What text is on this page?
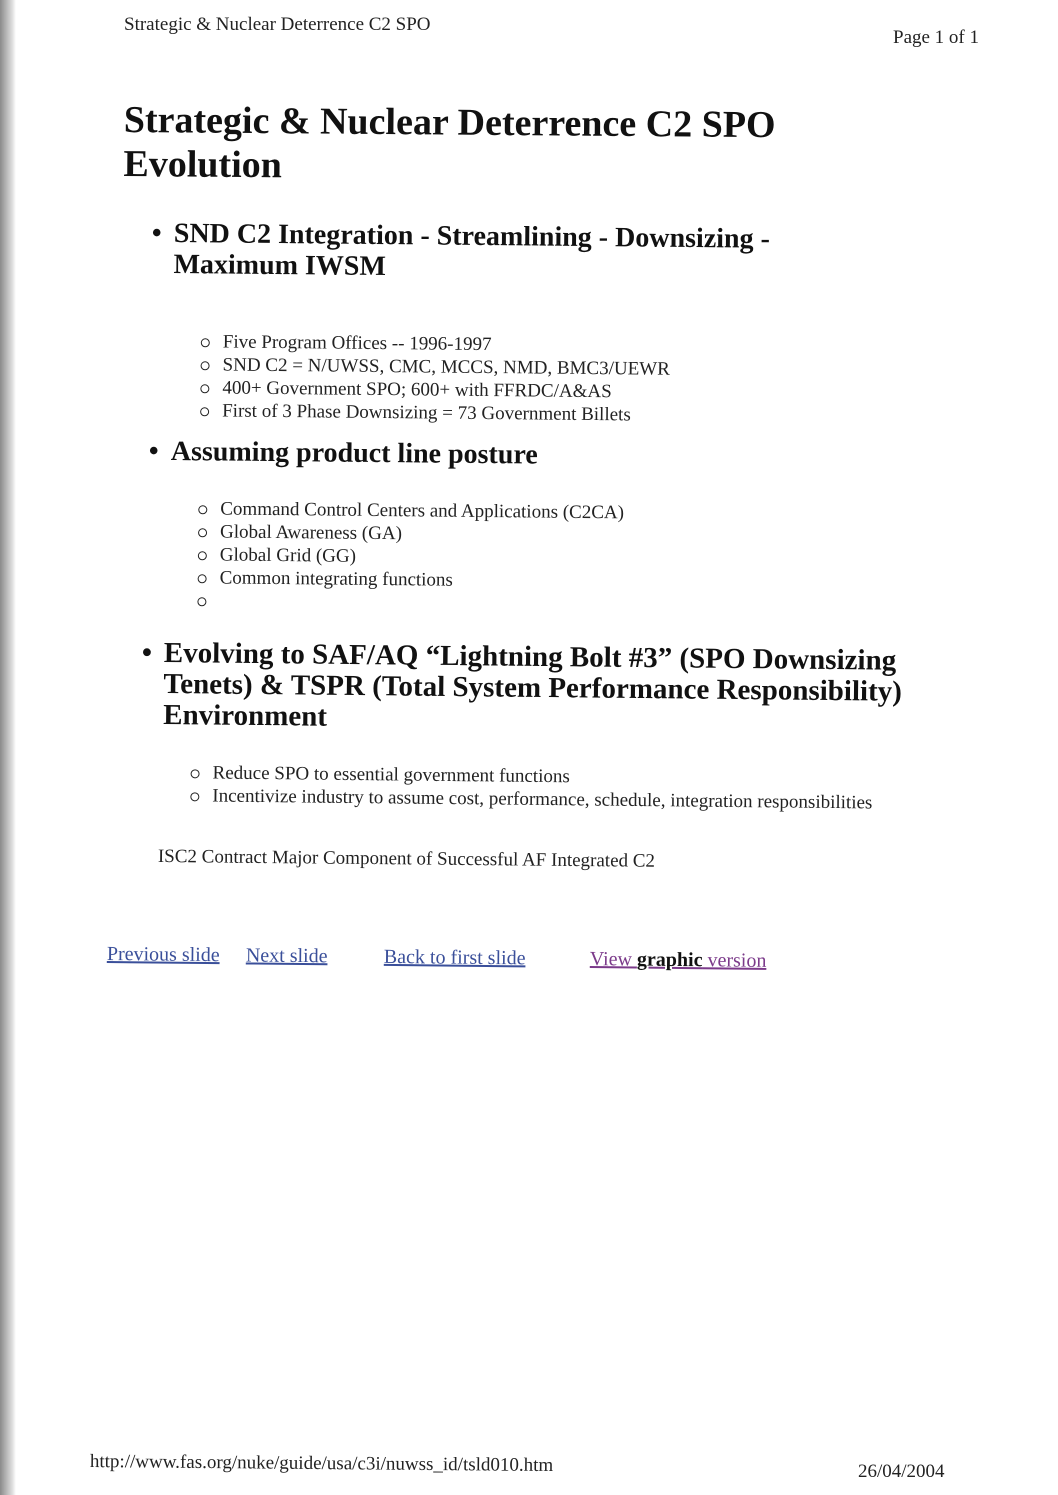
Strategic & Nuclear Deterrence C2 SPO
Page 1 of 1
Strategic & Nuclear Deterrence C2 SPO Evolution
• SND C2 Integration - Streamlining - Downsizing - Maximum IWSM
Five Program Offices -- 1996-1997
SND C2 = N/UWSS, CMC, MCCS, NMD, BMC3/UEWR
400+ Government SPO; 600+ with FFRDC/A&AS
First of 3 Phase Downsizing = 73 Government Billets
• Assuming product line posture
Command Control Centers and Applications (C2CA)
Global Awareness (GA)
Global Grid (GG)
Common integrating functions
• Evolving to SAF/AQ “Lightning Bolt #3” (SPO Downsizing Tenets) & TSPR (Total System Performance Responsibility) Environment
Reduce SPO to essential government functions
Incentivize industry to assume cost, performance, schedule, integration responsibilities
ISC2 Contract Major Component of Successful AF Integrated C2
Previous slide Next slide	Back to first slide	View graphic version
http://www.fas.org/nuke/guide/usa/c3i/nuwss_id/tsld010.htm	26/04/2004
